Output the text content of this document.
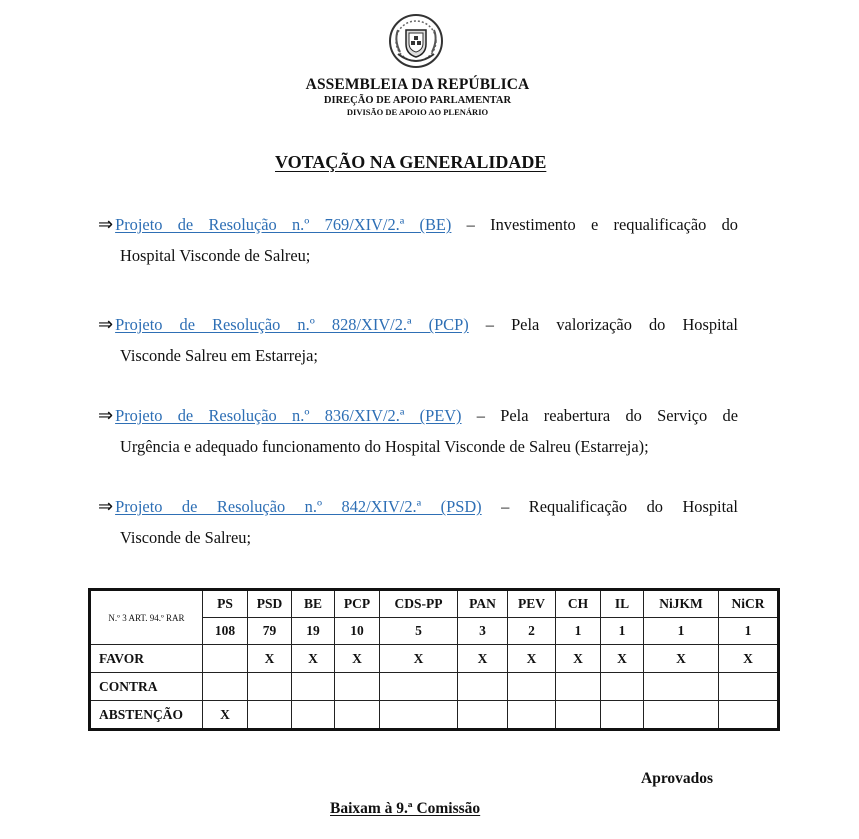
ASSEMBLEIA DA REPÚBLICA
DIREÇÃO DE APOIO PARLAMENTAR
DIVISÃO DE APOIO AO PLENÁRIO
VOTAÇÃO NA GENERALIDADE
⇒ Projeto de Resolução n.º 769/XIV/2.ª (BE) – Investimento e requalificação do
Hospital Visconde de Salreu;
⇒ Projeto de Resolução n.º 828/XIV/2.ª (PCP) – Pela valorização do Hospital
Visconde Salreu em Estarreja;
⇒ Projeto de Resolução n.º 836/XIV/2.ª (PEV) – Pela reabertura do Serviço de
Urgência e adequado funcionamento do Hospital Visconde de Salreu (Estarreja);
⇒ Projeto de Resolução n.º 842/XIV/2.ª (PSD) – Requalificação do Hospital
Visconde de Salreu;
N.º 3 ART. 94.º RAR	PS	PSD	BE	PCP	CDS-PP	PAN	PEV	CH	IL	NiJKM	NiCR
	108	79	19	10	5	3	2	1	1	1	1
FAVOR		X	X	X	X	X	X	X	X	X	X
CONTRA											
ABSTENÇÃO	X										
Aprovados
Baixam à 9.ª Comissão
